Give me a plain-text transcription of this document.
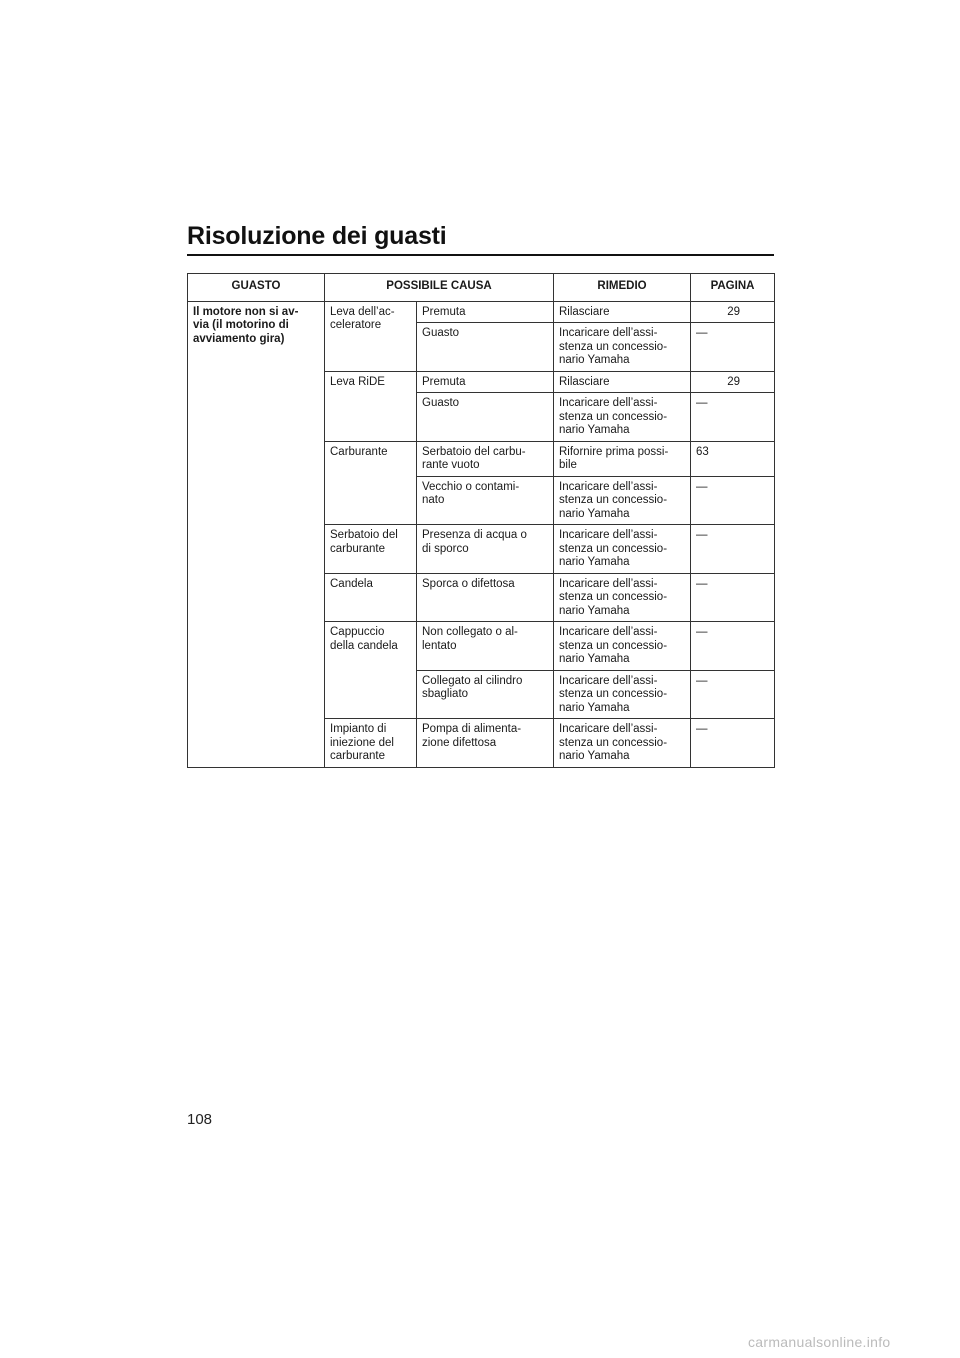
Risoluzione dei guasti
GUASTO	POSSIBILE CAUSA		RIMEDIO	PAGINA
Il motore non si av-
via (il motorino di
avviamento gira)	Leva dell’ac-
celeratore	Premuta	Rilasciare	29
		Guasto	Incaricare dell’assi-
stenza un concessio-
nario Yamaha	—
	Leva RiDE	Premuta	Rilasciare	29
		Guasto	Incaricare dell’assi-
stenza un concessio-
nario Yamaha	—
	Carburante	Serbatoio del carbu-
rante vuoto	Rifornire prima possi-
bile	63
		Vecchio o contami-
nato	Incaricare dell’assi-
stenza un concessio-
nario Yamaha	—
	Serbatoio del
carburante	Presenza di acqua o
di sporco	Incaricare dell’assi-
stenza un concessio-
nario Yamaha	—
	Candela	Sporca o difettosa	Incaricare dell’assi-
stenza un concessio-
nario Yamaha	—
	Cappuccio
della candela	Non collegato o al-
lentato	Incaricare dell’assi-
stenza un concessio-
nario Yamaha	—
		Collegato al cilindro
sbagliato	Incaricare dell’assi-
stenza un concessio-
nario Yamaha	—
	Impianto di
iniezione del
carburante	Pompa di alimenta-
zione difettosa	Incaricare dell’assi-
stenza un concessio-
nario Yamaha	—
108
carmanualsonline.info
